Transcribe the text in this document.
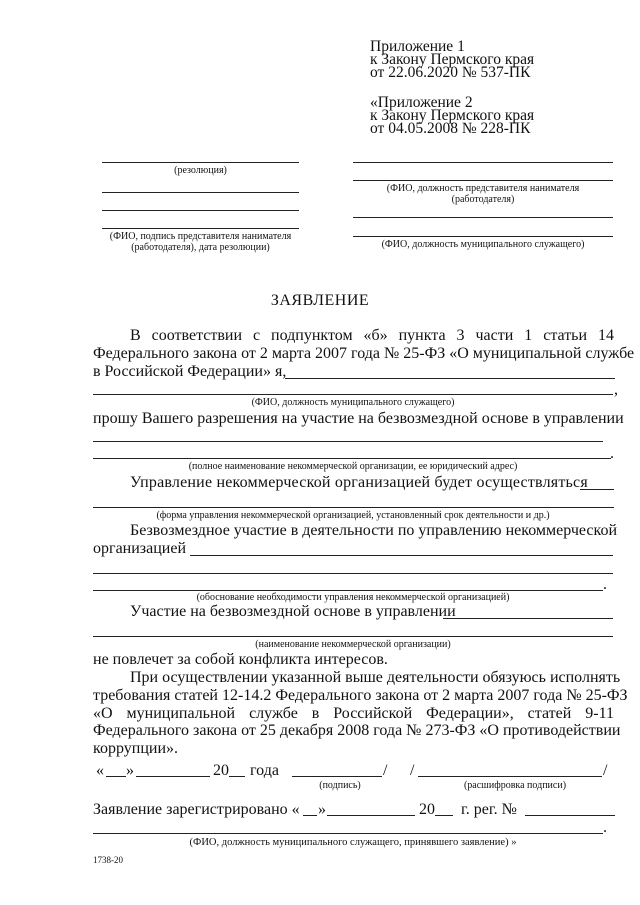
Приложение 1
к Закону Пермского края
от 22.06.2020 № 537-ПК
«Приложение 2
к Закону Пермского края
от 04.05.2008 № 228-ПК
(резолюция)
(ФИО, подпись представителя нанимателя
(работодателя), дата резолюции)
(ФИО, должность представителя нанимателя
(работодателя)
(ФИО, должность муниципального служащего)
ЗАЯВЛЕНИЕ
В соответствии с подпунктом «б» пункта 3 части 1 статьи 14
Федерального закона от 2 марта 2007 года № 25-ФЗ «О муниципальной службе
в Российской Федерации» я,
,
(ФИО, должность муниципального служащего)
прошу Вашего разрешения на участие на безвозмездной основе в управлении
.
(полное наименование некоммерческой организации, ее юридический адрес)
Управление некоммерческой организацией будет осуществляться
(форма управления некоммерческой организацией, установленный срок деятельности и др.)
Безвозмездное участие в деятельности по управлению некоммерческой
организацией
.
(обоснование необходимости управления некоммерческой организацией)
Участие на безвозмездной основе в управлении
(наименование некоммерческой организации)
не повлечет за собой конфликта интересов.
При осуществлении указанной выше деятельности обязуюсь исполнять
требования статей 12-14.2 Федерального закона от 2 марта 2007 года № 25-ФЗ
«О муниципальной службе в Российской Федерации», статей 9-11
Федерального закона от 25 декабря 2008 года № 273-ФЗ «О противодействии
коррупции».
« »	20 года	/ /	/
(подпись)	(расшифровка подписи)
Заявление зарегистрировано « »	20 г. рег. №
.
(ФИО, должность муниципального служащего, принявшего заявление) »
1738-20
